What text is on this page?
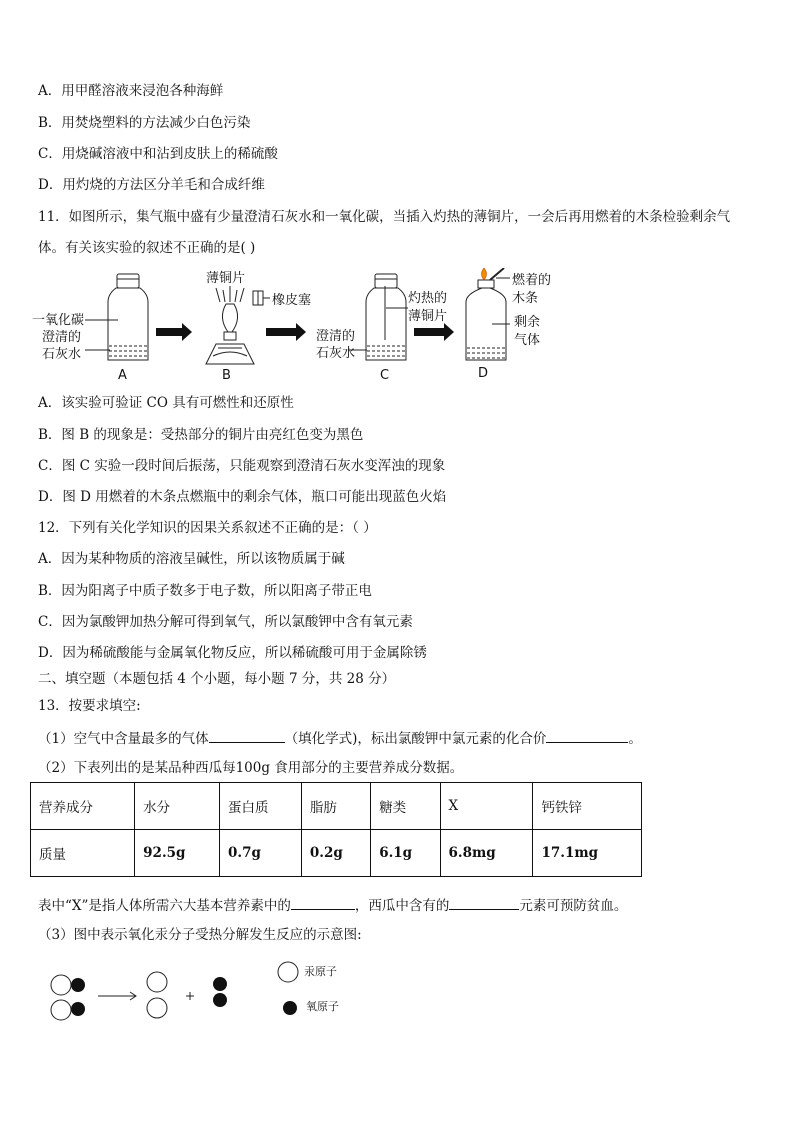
A．用甲醛溶液来浸泡各种海鲜
B．用焚烧塑料的方法减少白色污染
C．用烧碱溶液中和沾到皮肤上的稀硫酸
D．用灼烧的方法区分羊毛和合成纤维
11．如图所示，集气瓶中盛有少量澄清石灰水和一氧化碳，当插入灼热的薄铜片，一会后再用燃着的木条检验剩余气
体。有关该实验的叙述不正确的是( )
一氧化碳
澄清的
石灰水
薄铜片
橡皮塞
澄清的
石灰水
灼热的
薄铜片
燃着的
木条
剩余
气体
A	B	C	D
A．该实验可验证 CO 具有可燃性和还原性
B．图 B 的现象是：受热部分的铜片由亮红色变为黑色
C．图 C 实验一段时间后振荡，只能观察到澄清石灰水变浑浊的现象
D．图 D 用燃着的木条点燃瓶中的剩余气体，瓶口可能出现蓝色火焰
12．下列有关化学知识的因果关系叙述不正确的是：（ ）
A．因为某种物质的溶液呈碱性，所以该物质属于碱
B．因为阳离子中质子数多于电子数，所以阳离子带正电
C．因为氯酸钾加热分解可得到氧气，所以氯酸钾中含有氧元素
D．因为稀硫酸能与金属氧化物反应，所以稀硫酸可用于金属除锈
二、填空题（本题包括 4 个小题，每小题 7 分，共 28 分）
13．按要求填空:
（1）空气中含量最多的气体	（填化学式)，标出氯酸钾中氯元素的化合价	。
（2）下表列出的是某品种西瓜每100g 食用部分的主要营养成分数据。
营养成分	水分	蛋白质	脂肪	糖类	X	钙铁锌
质量	92.5g	0.7g	0.2g	6.1g	6.8mg	17.1mg
表中“X”是指人体所需六大基本营养素中的	，西瓜中含有的	元素可预防贫血。
（3）图中表示氧化汞分子受热分解发生反应的示意图:
汞原子
氧原子
